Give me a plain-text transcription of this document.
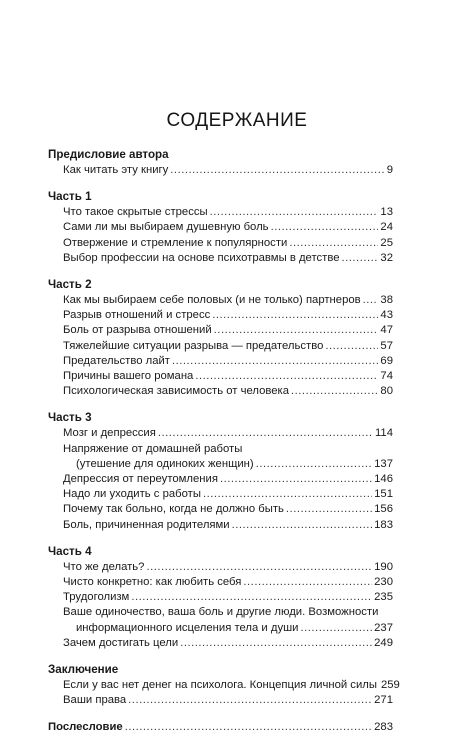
СОДЕРЖАНИЕ
Предисловие автора
Как читать эту книгу .....	9
Часть 1
Что такое скрытые стрессы .....	13
Сами ли мы выбираем душевную боль .....	24
Отвержение и стремление к популярности .....	25
Выбор профессии на основе психотравмы в детстве .....	32
Часть 2
Как мы выбираем себе половых (и не только) партнеров ..... 38
Разрыв отношений и стресс .....	43
Боль от разрыва отношений .....	47
Тяжелейшие ситуации разрыва — предательство .....	57
Предательство лайт .....	69
Причины вашего романа .....	74
Психологическая зависимость от человека .....	80
Часть 3
Мозг и депрессия .....	114
Напряжение от домашней работы
(утешение для одиноких женщин) .....	137
Депрессия от переутомления .....	146
Надо ли уходить с работы .....	151
Почему так больно, когда не должно быть .....	156
Боль, причиненная родителями .....	183
Часть 4
Что же делать? .....	190
Чисто конкретно: как любить себя .....	230
Трудоголизм .....	235
Ваше одиночество, ваша боль и другие люди. Возможности
информационного исцеления тела и души .....	237
Зачем достигать цели .....	249
Заключение
Если у вас нет денег на психолога. Концепция личной силы 259
Ваши права .....	271
Послесловие .....	283
